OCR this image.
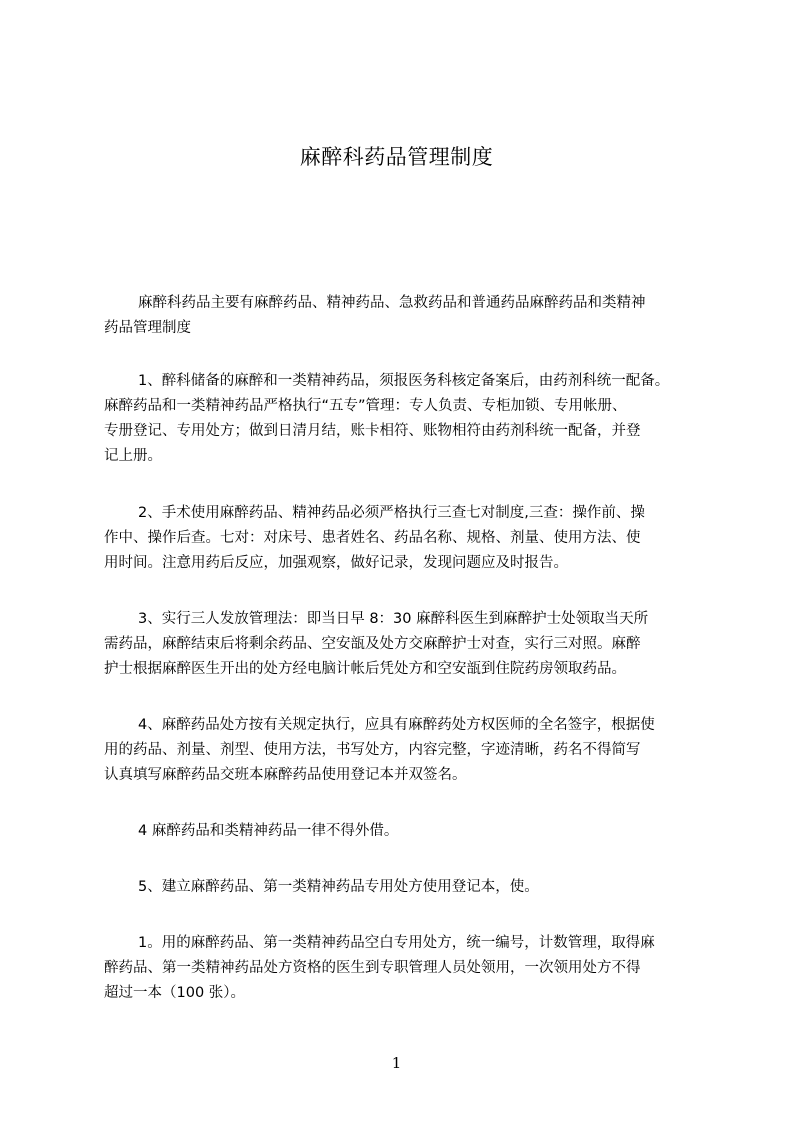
麻醉科药品管理制度
麻醉科药品主要有麻醉药品、精神药品、急救药品和普通药品麻醉药品和类精神
药品管理制度
1、醉科储备的麻醉和一类精神药品，须报医务科核定备案后，由药剂科统一配备。
麻醉药品和一类精神药品严格执行“五专”管理：专人负责、专柜加锁、专用帐册、
专册登记、专用处方；做到日清月结，账卡相符、账物相符由药剂科统一配备，并登
记上册。
2、手术使用麻醉药品、精神药品必须严格执行三查七对制度,三查：操作前、操
作中、操作后查。七对：对床号、患者姓名、药品名称、规格、剂量、使用方法、使
用时间。注意用药后反应，加强观察，做好记录，发现问题应及时报告。
3、实行三人发放管理法：即当日早 8：30 麻醉科医生到麻醉护士处领取当天所
需药品，麻醉结束后将剩余药品、空安瓿及处方交麻醉护士对查，实行三对照。麻醉
护士根据麻醉医生开出的处方经电脑计帐后凭处方和空安瓿到住院药房领取药品。
4、麻醉药品处方按有关规定执行，应具有麻醉药处方权医师的全名签字，根据使
用的药品、剂量、剂型、使用方法，书写处方，内容完整，字迹清晰，药名不得简写
认真填写麻醉药品交班本麻醉药品使用登记本并双签名。
4 麻醉药品和类精神药品一律不得外借。
5、建立麻醉药品、第一类精神药品专用处方使用登记本，使。
1。用的麻醉药品、第一类精神药品空白专用处方，统一编号，计数管理，取得麻
醉药品、第一类精神药品处方资格的医生到专职管理人员处领用，一次领用处方不得
超过一本（100 张）。
1
